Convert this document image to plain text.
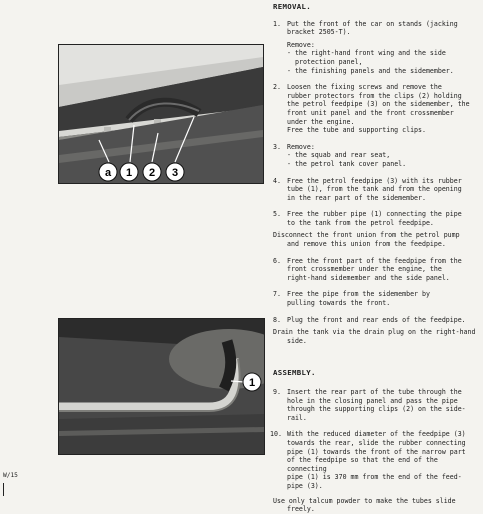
a 1 2 3
1
REMOVAL.
1. Put the front of the car on stands (jacking
bracket 2505-T).
Remove:
- the right-hand front wing and the side
protection panel,
- the finishing panels and the sidemember.
2. Loosen the fixing screws and remove the
rubber protectors from the clips (2) holding
the petrol feedpipe (3) on the sidemember, the
front unit panel and the front crossmember
under the engine.
Free the tube and supporting clips.
3. Remove:
- the squab and rear seat,
- the petrol tank cover panel.
4. Free the petrol feedpipe (3) with its rubber
tube (1), from the tank and from the opening
in the rear part of the sidemember.
5. Free the rubber pipe (1) connecting the pipe
to the tank from the petrol feedpipe.
Disconnect the front union from the petrol pump
and remove this union from the feedpipe.
6. Free the front part of the feedpipe from the
front crossmember under the engine, the
right-hand sidemember and the side panel.
7. Free the pipe from the sidemember by
pulling towards the front.
8. Plug the front and rear ends of the feedpipe.
Drain the tank via the drain plug on the right-hand
side.
ASSEMBLY.
9. Insert the rear part of the tube through the
hole in the closing panel and pass the pipe
through the supporting clips (2) on the side-
rail.
10. With the reduced diameter of the feedpipe (3)
towards the rear, slide the rubber connecting
pipe (1) towards the front of the narrow part
of the feedpipe so that the end of the connecting
pipe (1) is 370 mm from the end of the feed-
pipe (3).
Use only talcum powder to make the tubes slide
freely.
W/15
